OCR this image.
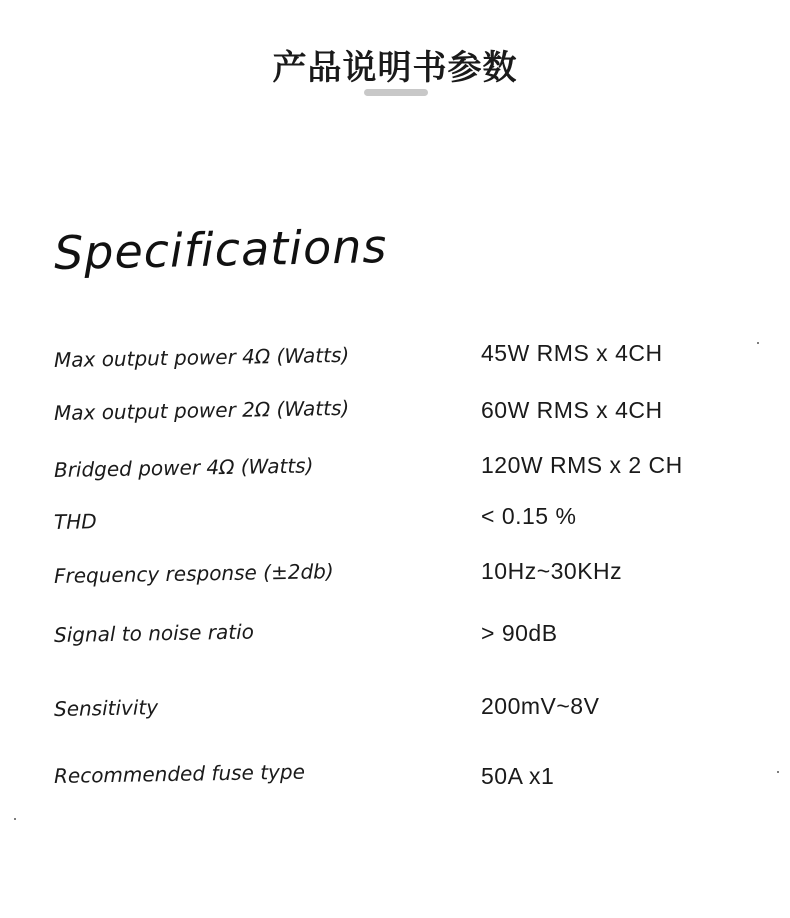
产品说明书参数
Specifications
Max output power 4Ω (Watts)	45W RMS x 4CH
Max output power 2Ω (Watts)	60W RMS x 4CH
Bridged power 4Ω (Watts)	120W RMS x 2 CH
THD	< 0.15 %
Frequency response (±2db)	10Hz~30KHz
Signal to noise ratio	> 90dB
Sensitivity	200mV~8V
Recommended fuse type	50A x1
